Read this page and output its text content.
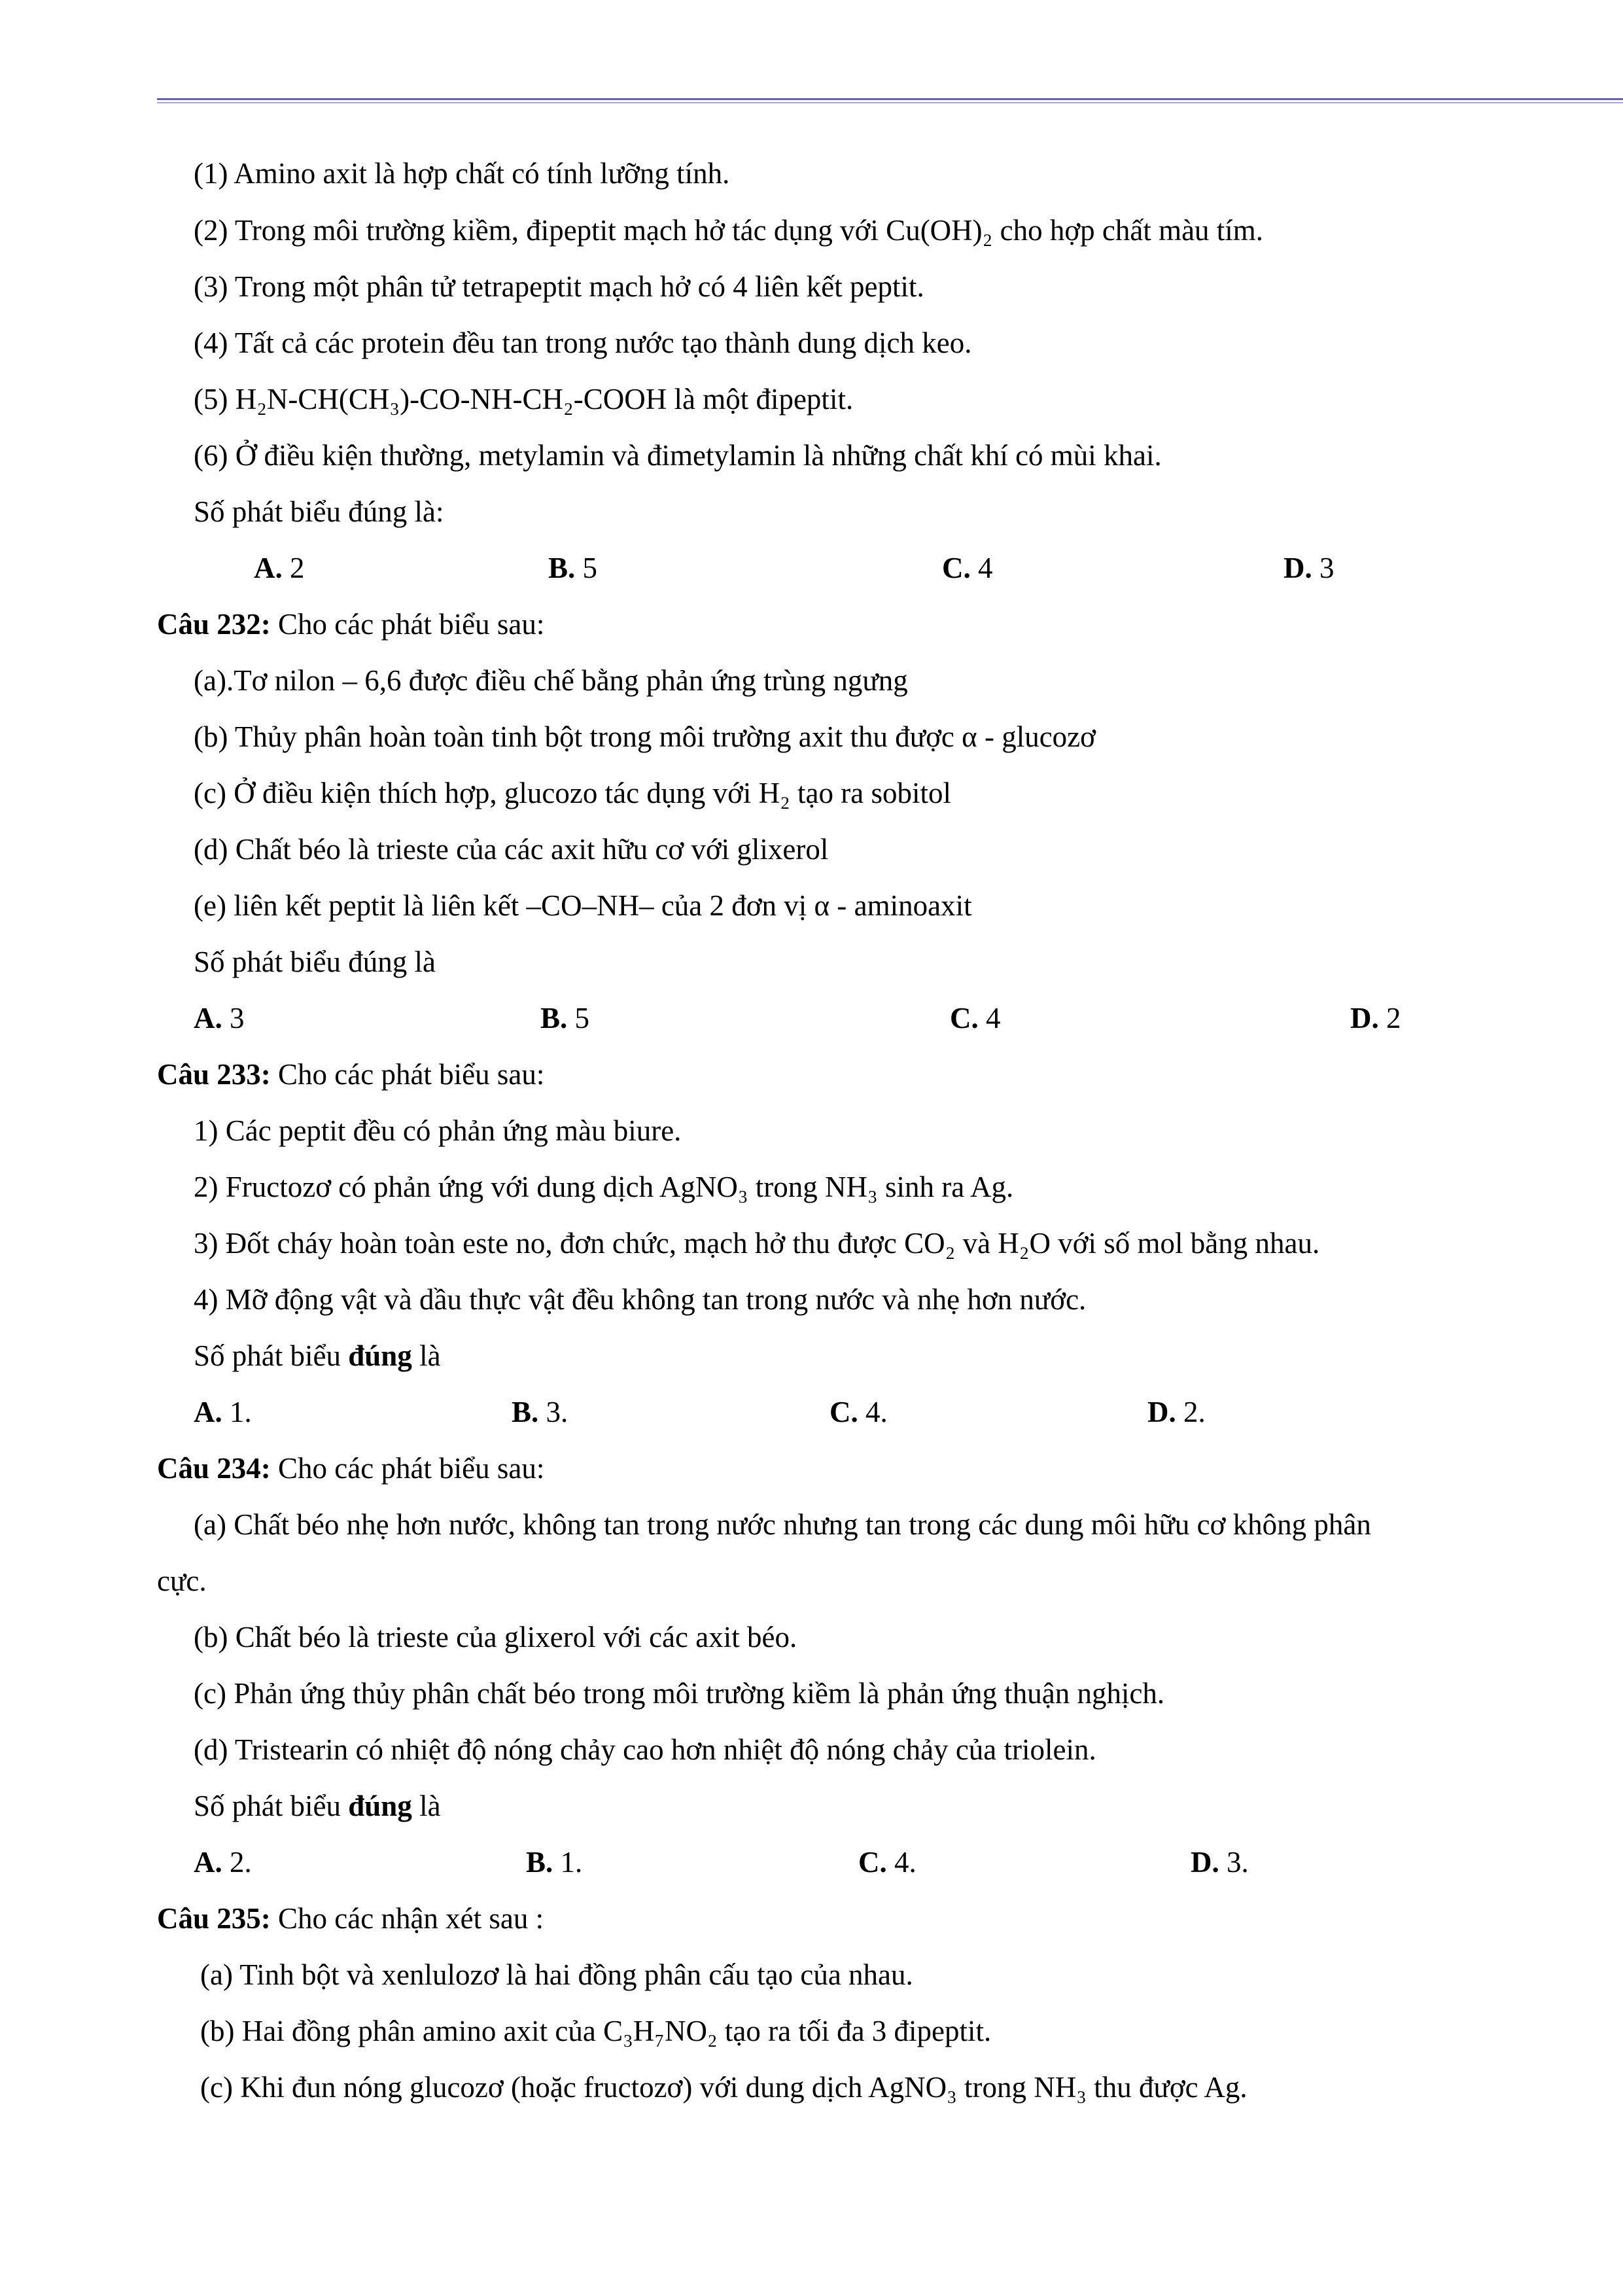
(1) Amino axit là hợp chất có tính lưỡng tính.
(2) Trong môi trường kiềm, đipeptit mạch hở tác dụng với Cu(OH)₂ cho hợp chất màu tím.
(3) Trong một phân tử tetrapeptit mạch hở có 4 liên kết peptit.
(4) Tất cả các protein đều tan trong nước tạo thành dung dịch keo.
(5) H₂N-CH(CH₃)-CO-NH-CH₂-COOH là một đipeptit.
(6) Ở điều kiện thường, metylamin và đimetylamin là những chất khí có mùi khai.
Số phát biểu đúng là:
A. 2	B. 5	C. 4	D. 3
Câu 232: Cho các phát biểu sau:
(a).Tơ nilon – 6,6 được điều chế bằng phản ứng trùng ngưng
(b) Thủy phân hoàn toàn tinh bột trong môi trường axit thu được α - glucozơ
(c) Ở điều kiện thích hợp, glucozo tác dụng với H₂ tạo ra sobitol
(d) Chất béo là trieste của các axit hữu cơ với glixerol
(e) liên kết peptit là liên kết –CO–NH– của 2 đơn vị α - aminoaxit
Số phát biểu đúng là
A. 3	B. 5	C. 4	D. 2
Câu 233: Cho các phát biểu sau:
1) Các peptit đều có phản ứng màu biure.
2) Fructozơ có phản ứng với dung dịch AgNO₃ trong NH₃ sinh ra Ag.
3) Đốt cháy hoàn toàn este no, đơn chức, mạch hở thu được CO₂ và H₂O với số mol bằng nhau.
4) Mỡ động vật và dầu thực vật đều không tan trong nước và nhẹ hơn nước.
Số phát biểu đúng là
A. 1.	B. 3.	C. 4.	D. 2.
Câu 234: Cho các phát biểu sau:
(a) Chất béo nhẹ hơn nước, không tan trong nước nhưng tan trong các dung môi hữu cơ không phân
cực.
(b) Chất béo là trieste của glixerol với các axit béo.
(c) Phản ứng thủy phân chất béo trong môi trường kiềm là phản ứng thuận nghịch.
(d) Tristearin có nhiệt độ nóng chảy cao hơn nhiệt độ nóng chảy của triolein.
Số phát biểu đúng là
A. 2.	B. 1.	C. 4.	D. 3.
Câu 235: Cho các nhận xét sau :
(a) Tinh bột và xenlulozơ là hai đồng phân cấu tạo của nhau.
(b) Hai đồng phân amino axit của C₃H₇NO₂ tạo ra tối đa 3 đipeptit.
(c) Khi đun nóng glucozơ (hoặc fructozơ) với dung dịch AgNO₃ trong NH₃ thu được Ag.
